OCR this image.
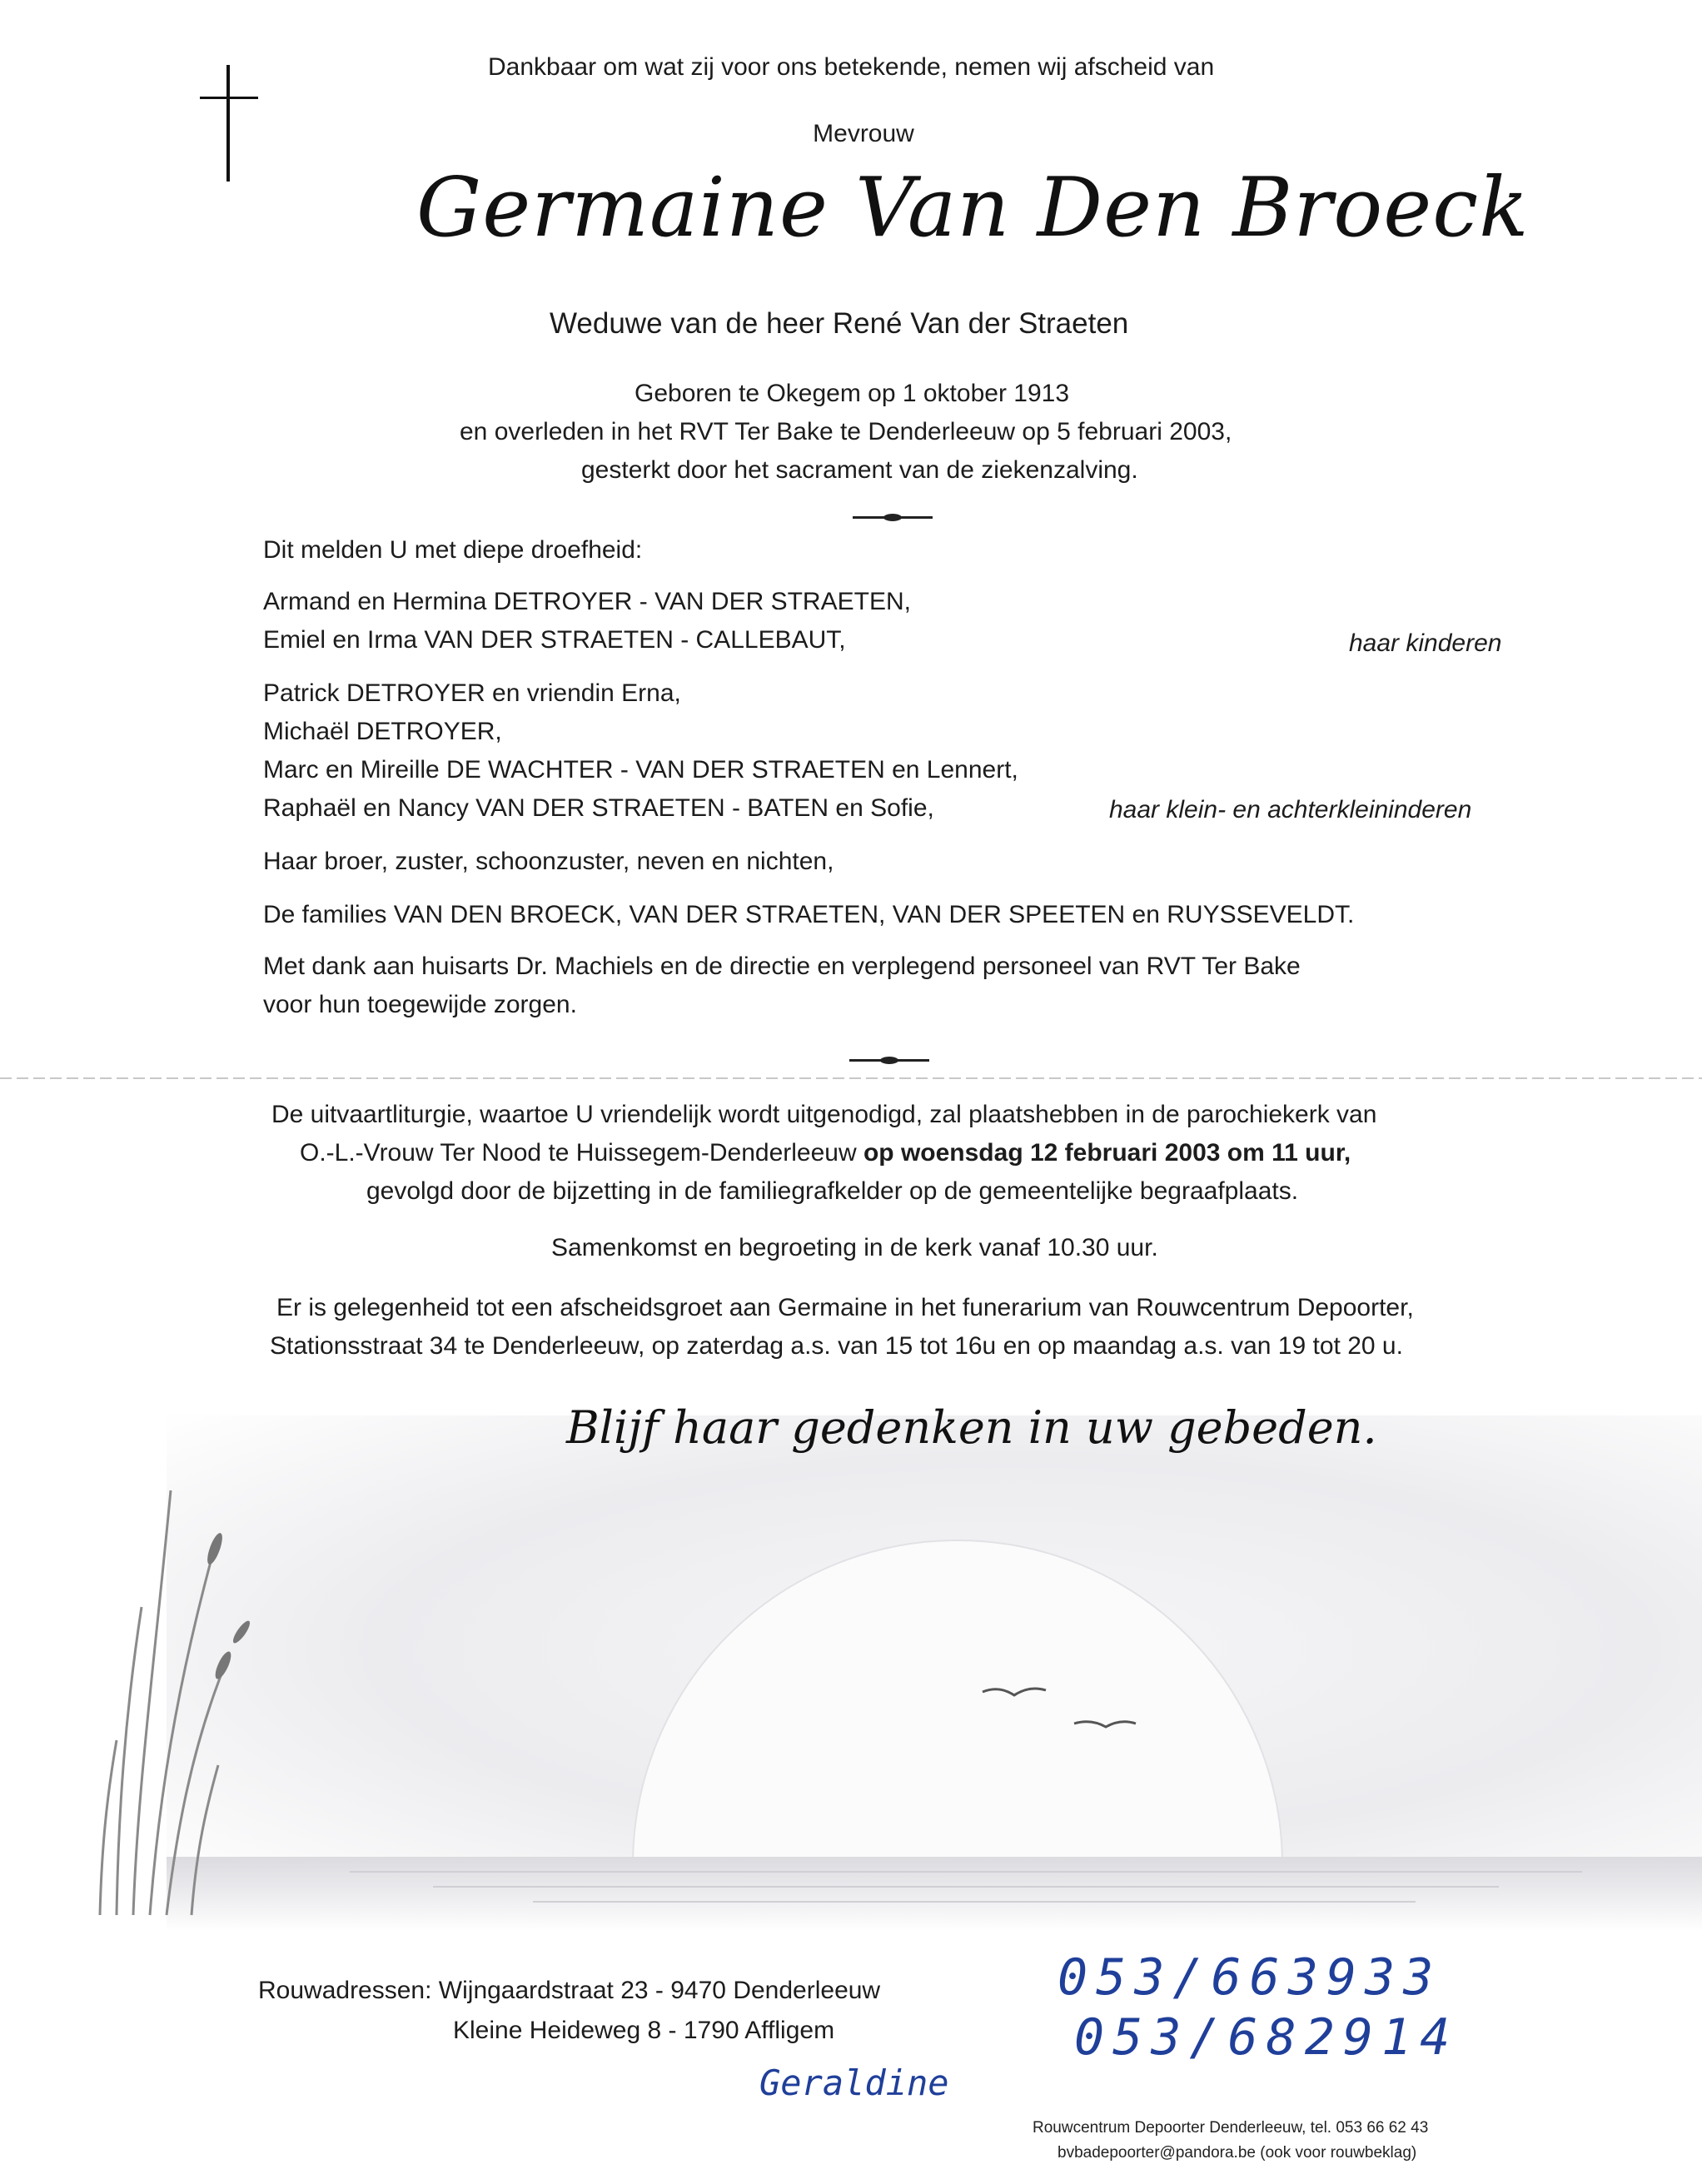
Dankbaar om wat zij voor ons betekende, nemen wij afscheid van
Mevrouw
Germaine Van Den Broeck
Weduwe van de heer René Van der Straeten
Geboren te Okegem op 1 oktober 1913
en overleden in het RVT Ter Bake te Denderleeuw op 5 februari 2003,
gesterkt door het sacrament van de ziekenzalving.
Dit melden U met diepe droefheid:
Armand en Hermina DETROYER - VAN DER STRAETEN,
Emiel en Irma VAN DER STRAETEN - CALLEBAUT,	haar kinderen
Patrick DETROYER en vriendin Erna,
Michaël DETROYER,
Marc en Mireille DE WACHTER - VAN DER STRAETEN en Lennert,
Raphaël en Nancy VAN DER STRAETEN - BATEN en Sofie,	haar klein- en achterkleininderen
Haar broer, zuster, schoonzuster, neven en nichten,
De families VAN DEN BROECK, VAN DER STRAETEN, VAN DER SPEETEN en RUYSSEVELDT.
Met dank aan huisarts Dr. Machiels en de directie en verplegend personeel van RVT Ter Bake
voor hun toegewijde zorgen.
De uitvaartliturgie, waartoe U vriendelijk wordt uitgenodigd, zal plaatshebben in de parochiekerk van
O.-L.-Vrouw Ter Nood te Huissegem-Denderleeuw op woensdag 12 februari 2003 om 11 uur,
gevolgd door de bijzetting in de familiegrafkelder op de gemeentelijke begraafplaats.
Samenkomst en begroeting in de kerk vanaf 10.30 uur.
Er is gelegenheid tot een afscheidsgroet aan Germaine in het funerarium van Rouwcentrum Depoorter,
Stationsstraat 34 te Denderleeuw, op zaterdag a.s. van 15 tot 16u en op maandag a.s. van 19 tot 20 u.
Blijf haar gedenken in uw gebeden.
Rouwadressen: Wijngaardstraat 23 - 9470 Denderleeuw
Kleine Heideweg 8 - 1790 Affligem
053/663933
053/682914
Geraldine
Rouwcentrum Depoorter Denderleeuw, tel. 053 66 62 43
bvbadepoorter@pandora.be (ook voor rouwbeklag)
